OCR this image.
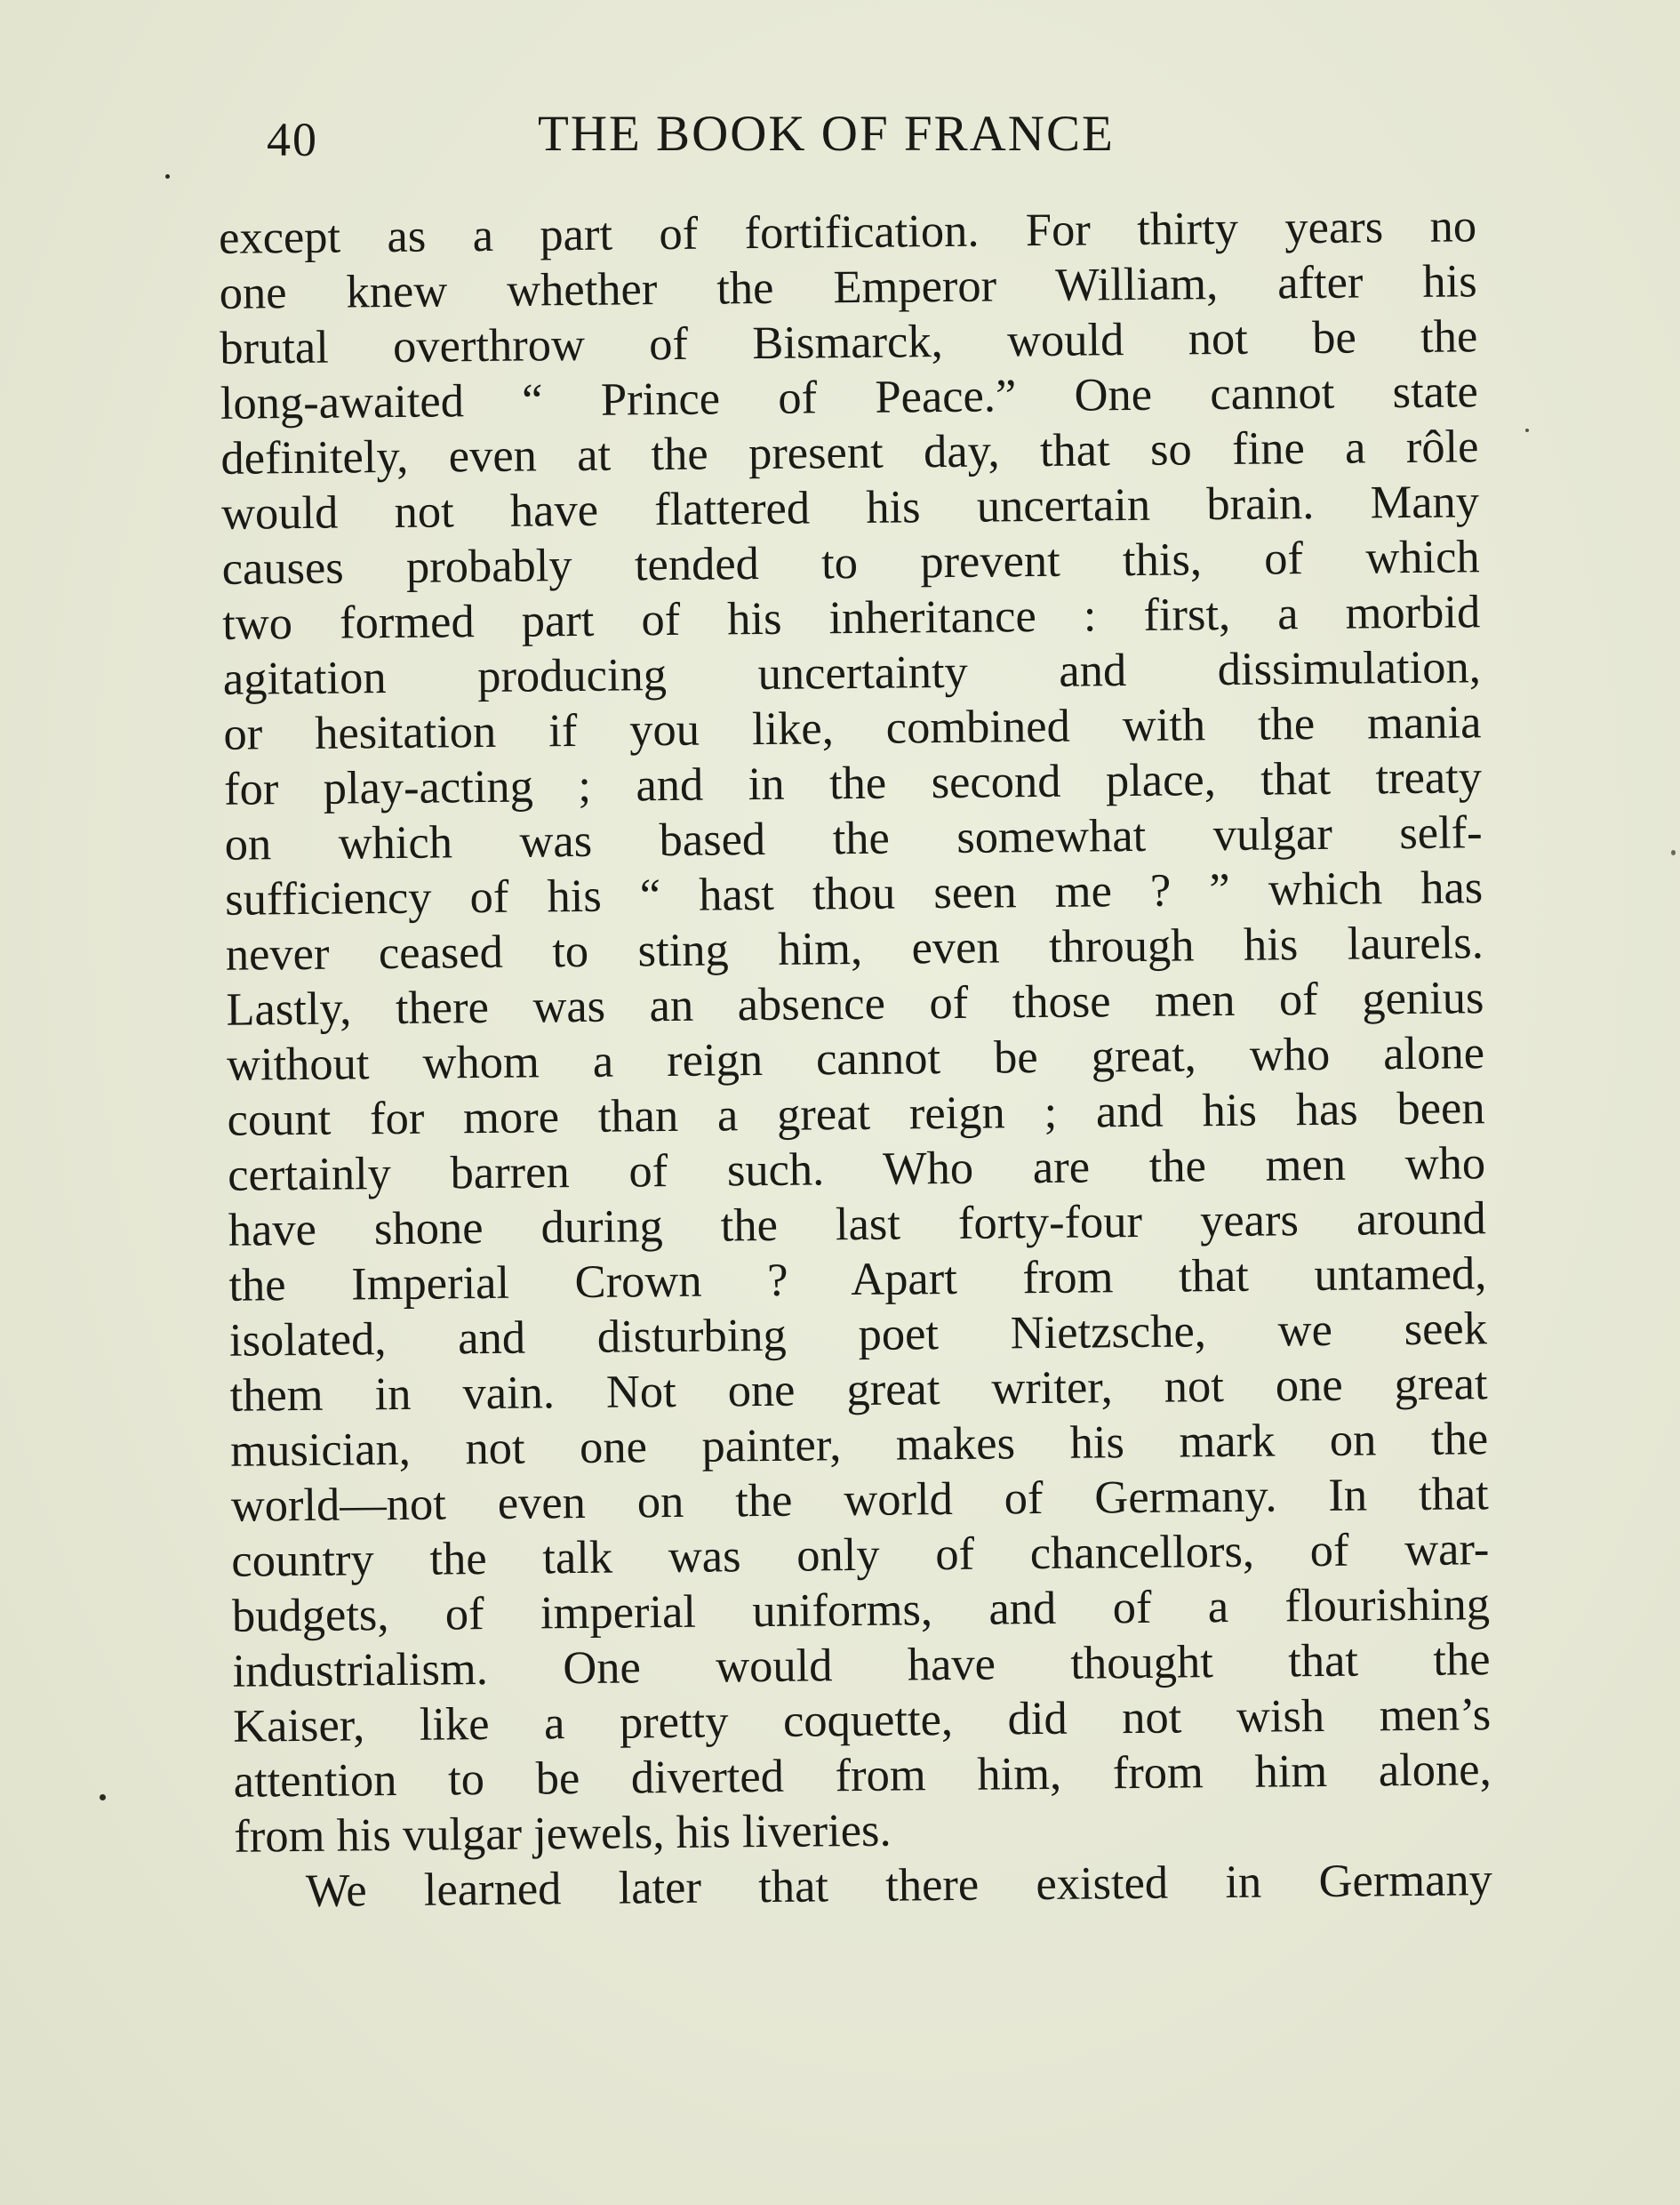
40	THE BOOK OF FRANCE
except as a part of fortification. For thirty years no
one knew whether the Emperor William, after his
brutal overthrow of Bismarck, would not be the
long-awaited “ Prince of Peace.” One cannot state
definitely, even at the present day, that so fine a rôle
would not have flattered his uncertain brain. Many
causes probably tended to prevent this, of which
two formed part of his inheritance : first, a morbid
agitation producing uncertainty and dissimulation,
or hesitation if you like, combined with the mania
for play-acting ; and in the second place, that treaty
on which was based the somewhat vulgar self-
sufficiency of his “ hast thou seen me ? ” which has
never ceased to sting him, even through his laurels.
Lastly, there was an absence of those men of genius
without whom a reign cannot be great, who alone
count for more than a great reign ; and his has been
certainly barren of such. Who are the men who
have shone during the last forty-four years around
the Imperial Crown ? Apart from that untamed,
isolated, and disturbing poet Nietzsche, we seek
them in vain. Not one great writer, not one great
musician, not one painter, makes his mark on the
world—not even on the world of Germany. In that
country the talk was only of chancellors, of war-
budgets, of imperial uniforms, and of a flourishing
industrialism. One would have thought that the
Kaiser, like a pretty coquette, did not wish men’s
attention to be diverted from him, from him alone,
from his vulgar jewels, his liveries.
We learned later that there existed in Germany
